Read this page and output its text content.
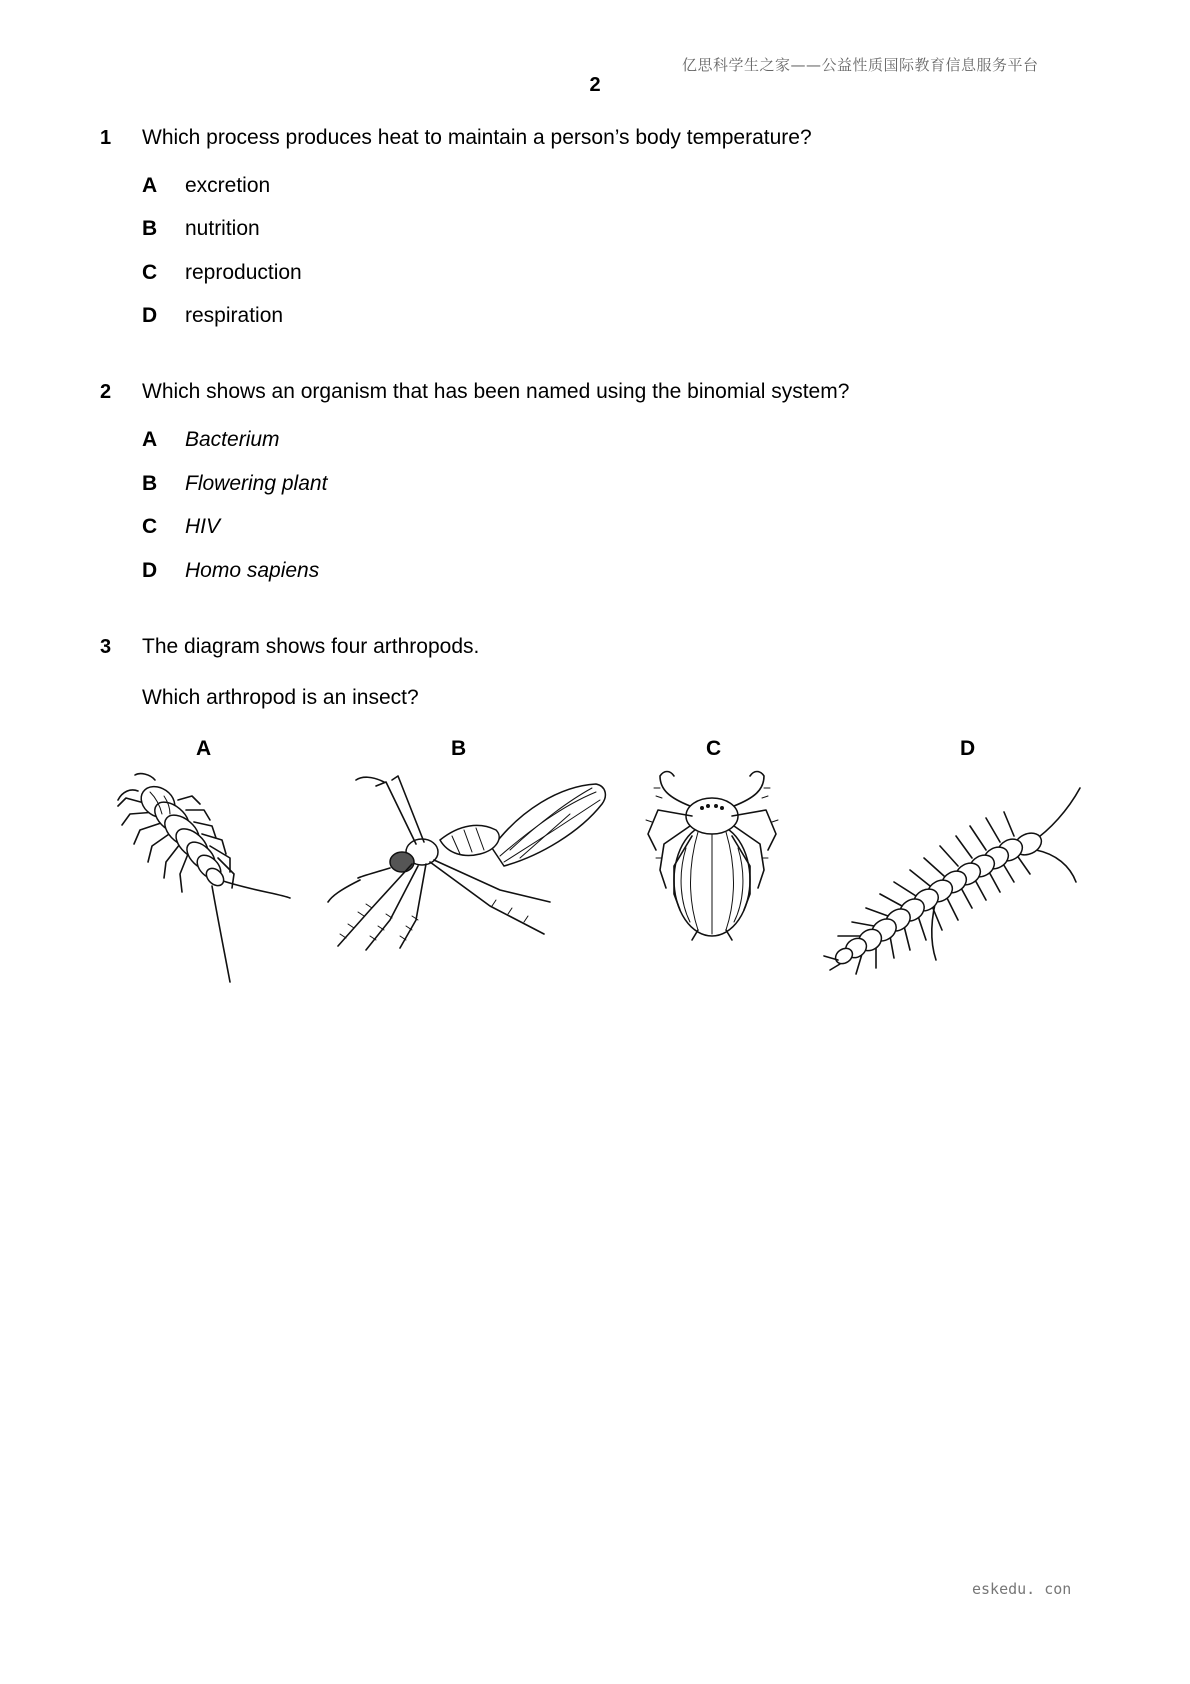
亿思科学生之家——公益性质国际教育信息服务平台
2
1 Which process produces heat to maintain a person’s body temperature?
A excretion
B nutrition
C reproduction
D respiration
2 Which shows an organism that has been named using the binomial system?
A Bacterium
B Flowering plant
C HIV
D Homo sapiens
3 The diagram shows four arthropods.
Which arthropod is an insect?
A	B	C	D
eskedu. con
